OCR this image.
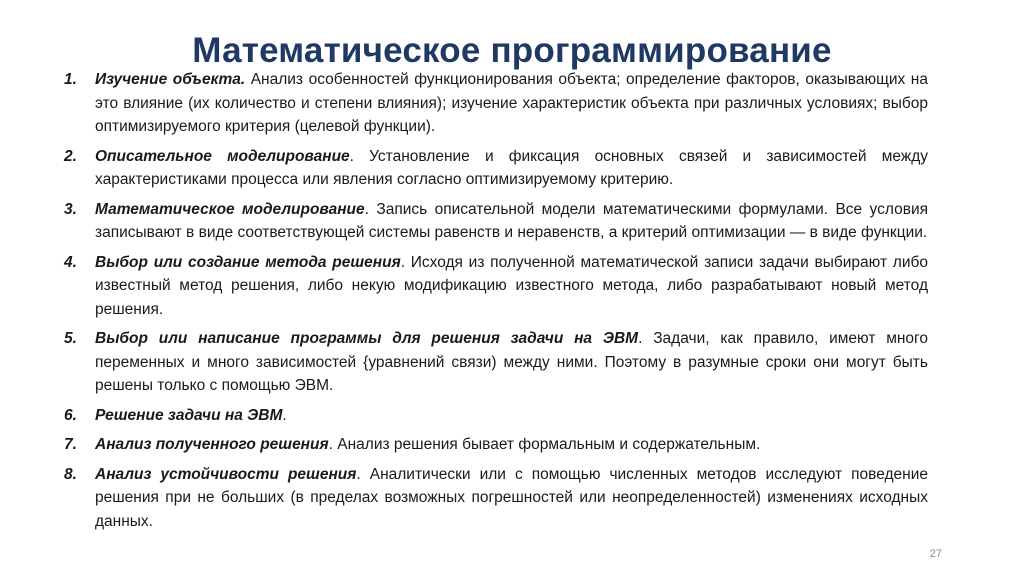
Математическое программирование
1.	Изучение объекта. Анализ особенностей функционирования объекта; определение факторов, оказывающих на это влияние (их количество и степени влияния); изучение характеристик объекта при различных условиях; выбор оптимизируемого критерия (целевой функции).
2.	Описательное моделирование. Установление и фиксация основных связей и зависимостей между характеристиками процесса или явления согласно оптимизируемому критерию.
3.	Математическое моделирование. Запись описательной модели математическими формулами. Все условия записывают в виде соответствующей системы равенств и неравенств, а критерий оптимизации — в виде функции.
4.	Выбор или создание метода решения. Исходя из полученной математической записи задачи выбирают либо известный метод решения, либо некую модификацию известного метода, либо разрабатывают новый метод решения.
5.	Выбор или написание программы для решения задачи на ЭВМ. Задачи, как правило, имеют много переменных и много зависимостей {уравнений связи) между ними. Поэтому в разумные сроки они могут быть решены только с помощью ЭВМ.
6.	Решение задачи на ЭВМ.
7.	Анализ полученного решения. Анализ решения бывает формальным и содержательным.
8.	Анализ устойчивости решения. Аналитически или с помощью численных методов исследуют поведение решения при не больших (в пределах возможных погрешностей или неопределенностей) изменениях исходных данных.
27
